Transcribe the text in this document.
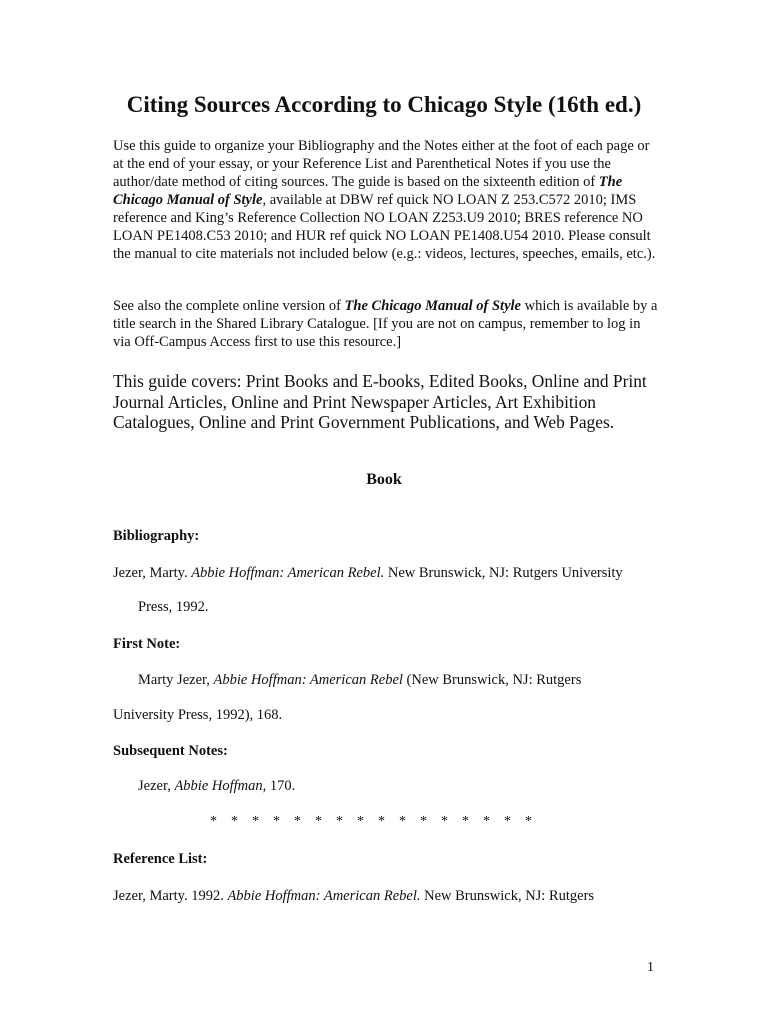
Citing Sources According to Chicago Style (16th ed.)

Use this guide to organize your Bibliography and the Notes either at the foot of each page or at the end of your essay, or your Reference List and Parenthetical Notes if you use the author/date method of citing sources. The guide is based on the sixteenth edition of The Chicago Manual of Style, available at DBW ref quick NO LOAN Z 253.C572 2010; IMS reference and King’s Reference Collection NO LOAN Z253.U9 2010; BRES reference NO LOAN PE1408.C53 2010; and HUR ref quick NO LOAN PE1408.U54 2010. Please consult the manual to cite materials not included below (e.g.: videos, lectures, speeches, emails, etc.).

See also the complete online version of The Chicago Manual of Style which is available by a title search in the Shared Library Catalogue. [If you are not on campus, remember to log in via Off-Campus Access first to use this resource.]

This guide covers: Print Books and E-books, Edited Books, Online and Print Journal Articles, Online and Print Newspaper Articles, Art Exhibition Catalogues, Online and Print Government Publications, and Web Pages.

Book

Bibliography:

Jezer, Marty. Abbie Hoffman: American Rebel. New Brunswick, NJ: Rutgers University

Press, 1992.

First Note:

Marty Jezer, Abbie Hoffman: American Rebel (New Brunswick, NJ: Rutgers

University Press, 1992), 168.

Subsequent Notes:

Jezer, Abbie Hoffman, 170.

*    *    *    *    *    *    *    *    *    *    *    *    *    *    *    *

Reference List:

Jezer, Marty. 1992. Abbie Hoffman: American Rebel. New Brunswick, NJ: Rutgers

1
